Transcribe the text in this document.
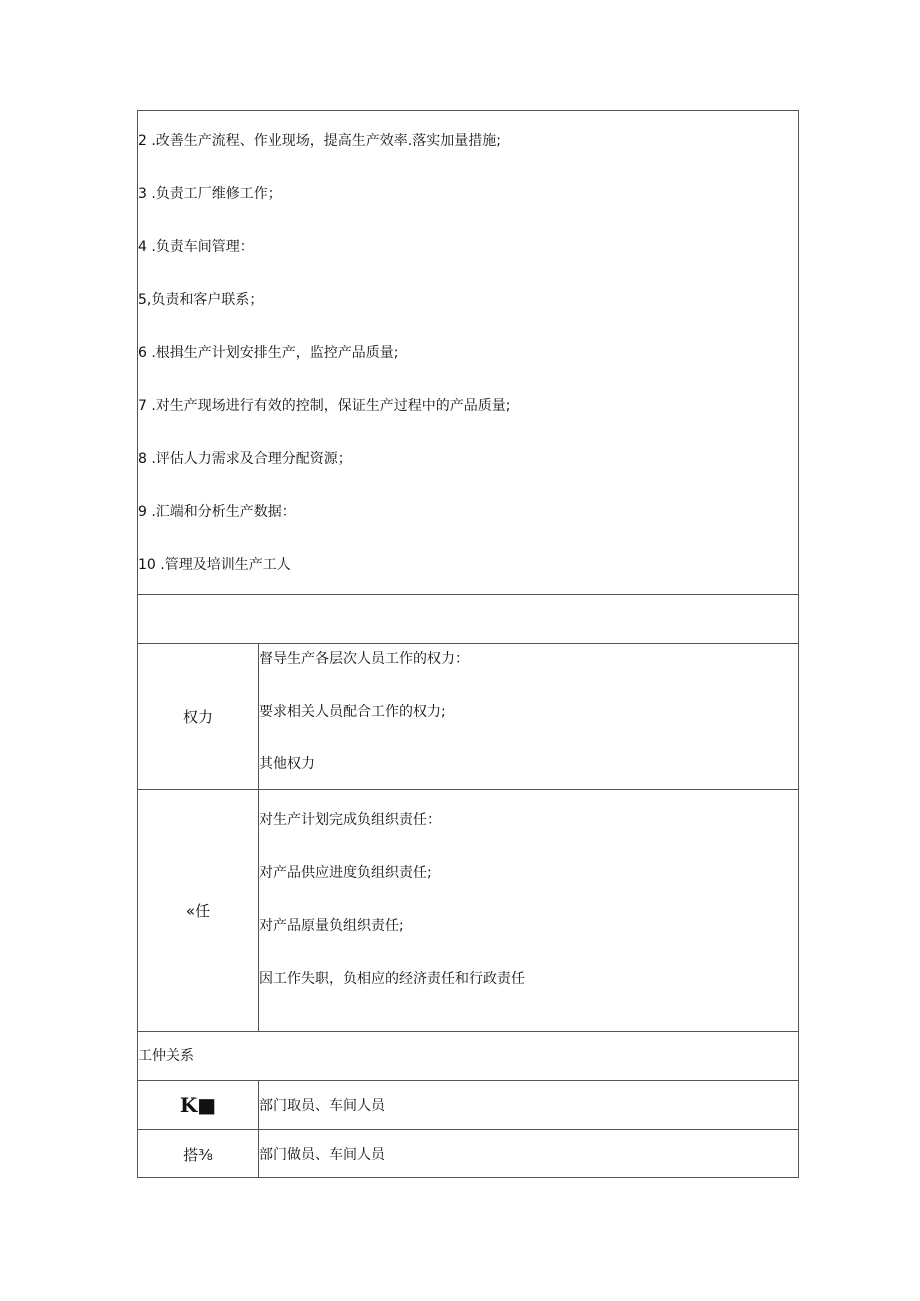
2 .改善生产流程、作业现场，提高生产效率.落实加量措施;
3 .负责工厂维修工作；
4 .负责车间管理：
5,负责和客户联系；
6 .根揖生产计划安排生产，监控产品质量;
7 .对生产现场进行有效的控制，保证生产过程中的产品质量;
8 .评估人力需求及合理分配资源；
9 .汇端和分析生产数据：
10 .管理及培训生产工人
权力
督导生产各层次人员工作的权力：
要求相关人员配合工作的权力;
其他权力
«任
对生产计划完成负组织责任：
对产品供应进度负组织责任;
对产品原量负组织责任;
因工作失职，负相应的经济责任和行政责任
工仲关系
K■	部门取员、车间人员
搭⅜	部门做员、车间人员
